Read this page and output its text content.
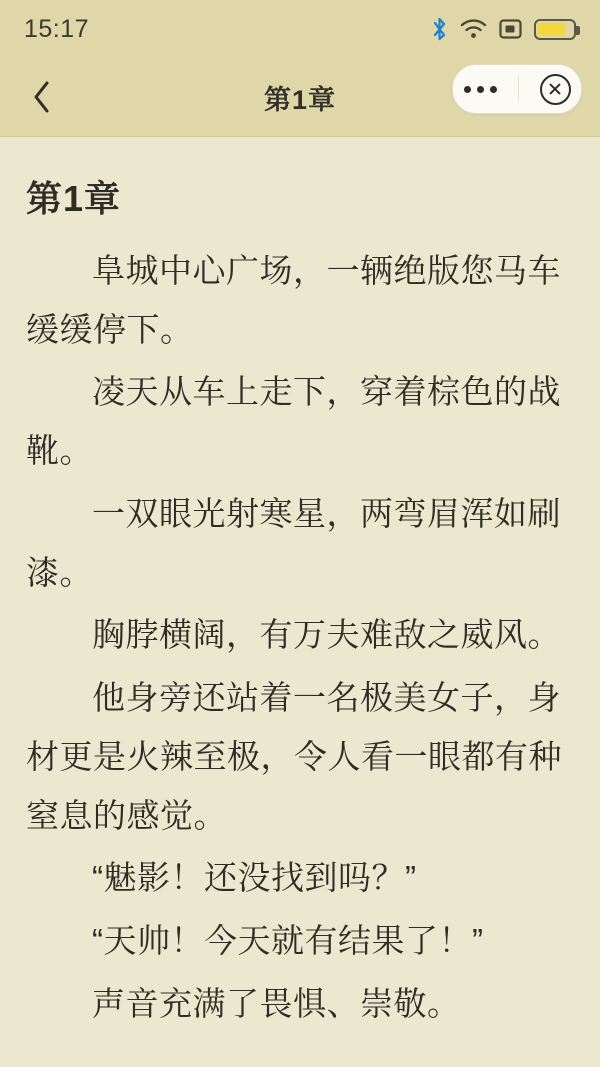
15:17
第1章
第1章

阜城中心广场，一辆绝版您马车缓缓停下。

凌天从车上走下，穿着棕色的战靴。

一双眼光射寒星，两弯眉浑如刷漆。

胸脖横阔，有万夫难敌之威风。

他身旁还站着一名极美女子，身材更是火辣至极，令人看一眼都有种窒息的感觉。

“魅影！还没找到吗？”

“天帅！今天就有结果了！”

声音充满了畏惧、崇敬。
